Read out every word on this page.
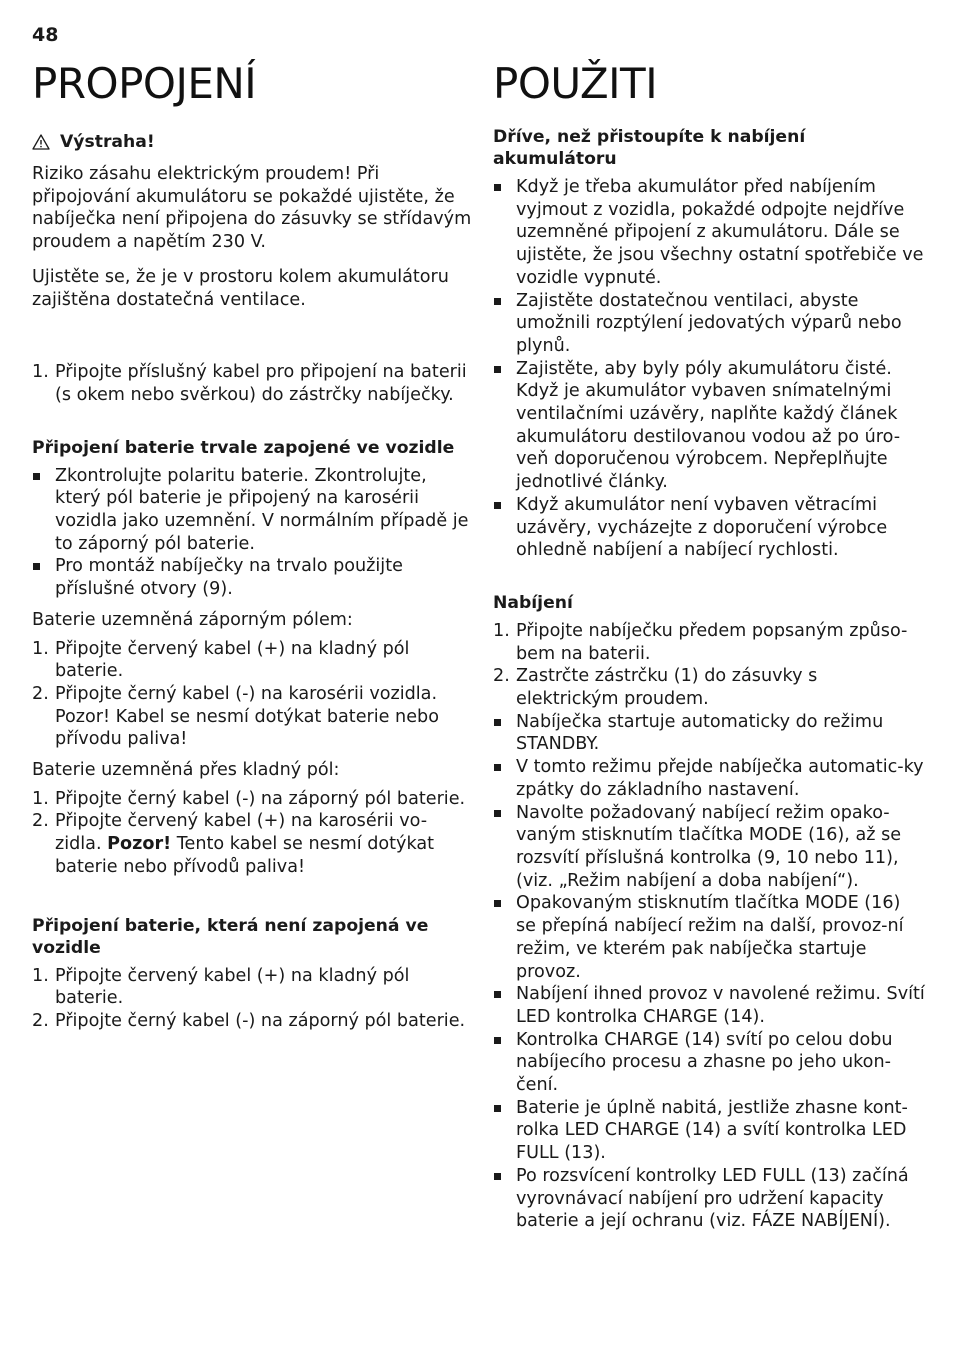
48
PROPOJENÍ
Výstraha!

Riziko zásahu elektrickým proudem! Při připojování akumulátoru se pokaždé ujistěte, že nabíječka není připojena do zásuvky se střídavým proudem a napětím 230 V.

Ujistěte se, že je v prostoru kolem akumulátoru zajištěna dostatečná ventilace.

1. Připojte příslušný kabel pro připojení na baterii (s okem nebo svěrkou) do zástrčky nabíječky.
Připojení baterie trvale zapojené ve vozidle
Zkontrolujte polaritu baterie. Zkontrolujte, který pól baterie je připojený na karosérii vozidla jako uzemnění. V normálním případě je to záporný pól baterie.
Pro montáž nabíječky na trvalo použijte příslušné otvory (9).

Baterie uzemněná záporným pólem:

1. Připojte červený kabel (+) na kladný pól baterie.
2. Připojte černý kabel (-) na karosérii vozidla. Pozor! Kabel se nesmí dotýkat baterie nebo přívodu paliva!

Baterie uzemněná přes kladný pól:

1. Připojte černý kabel (-) na záporný pól baterie.
2. Připojte červený kabel (+) na karosérii vo-zidla. Pozor! Tento kabel se nesmí dotýkat baterie nebo přívodů paliva!
Připojení baterie, která není zapojená ve vozidle
1. Připojte červený kabel (+) na kladný pól baterie.
2. Připojte černý kabel (-) na záporný pól baterie.
POUŽITI
Dříve, než přistoupíte k nabíjení akumulátoru
Když je třeba akumulátor před nabíjením vyjmout z vozidla, pokaždé odpojte nejdříve uzemněné připojení z akumulátoru. Dále se ujistěte, že jsou všechny ostatní spotřebiče ve vozidle vypnuté.
Zajistěte dostatečnou ventilaci, abyste umožnili rozptýlení jedovatých výparů nebo plynů.
Zajistěte, aby byly póly akumulátoru čisté. Když je akumulátor vybaven snímatelnými ventilačními uzávěry, naplňte každý článek akumulátoru destilovanou vodou až po úro-veň doporučenou výrobcem. Nepřeplňujte jednotlivé články.
Když akumulátor není vybaven větracími uzávěry, vycházejte z doporučení výrobce ohledně nabíjení a nabíjecí rychlosti.
Nabíjení
1. Připojte nabíječku předem popsaným způso-bem na baterii.
2. Zastrčte zástrčku (1) do zásuvky s elektrickým proudem.
Nabíječka startuje automaticky do režimu STANDBY.
V tomto režimu přejde nabíječka automatic-ky zpátky do základního nastavení.
Navolte požadovaný nabíjecí režim opako-vaným stisknutím tlačítka MODE (16), až se rozsvítí příslušná kontrolka (9, 10 nebo 11), (viz. „Režim nabíjení a doba nabíjení“).
Opakovaným stisknutím tlačítka MODE (16) se přepíná nabíjecí režim na další, provoz-ní režim, ve kterém pak nabíječka startuje provoz.
Nabíjení ihned provoz v navolené režimu. Svítí LED kontrolka CHARGE (14).
Kontrolka CHARGE (14) svítí po celou dobu nabíjecího procesu a zhasne po jeho ukon-čení.
Baterie je úplně nabitá, jestliže zhasne kont-rolka LED CHARGE (14) a svítí kontrolka LED FULL (13).
Po rozsvícení kontrolky LED FULL (13) začíná vyrovnávací nabíjení pro udržení kapacity baterie a její ochranu (viz. FÁZE NABÍJENÍ).
